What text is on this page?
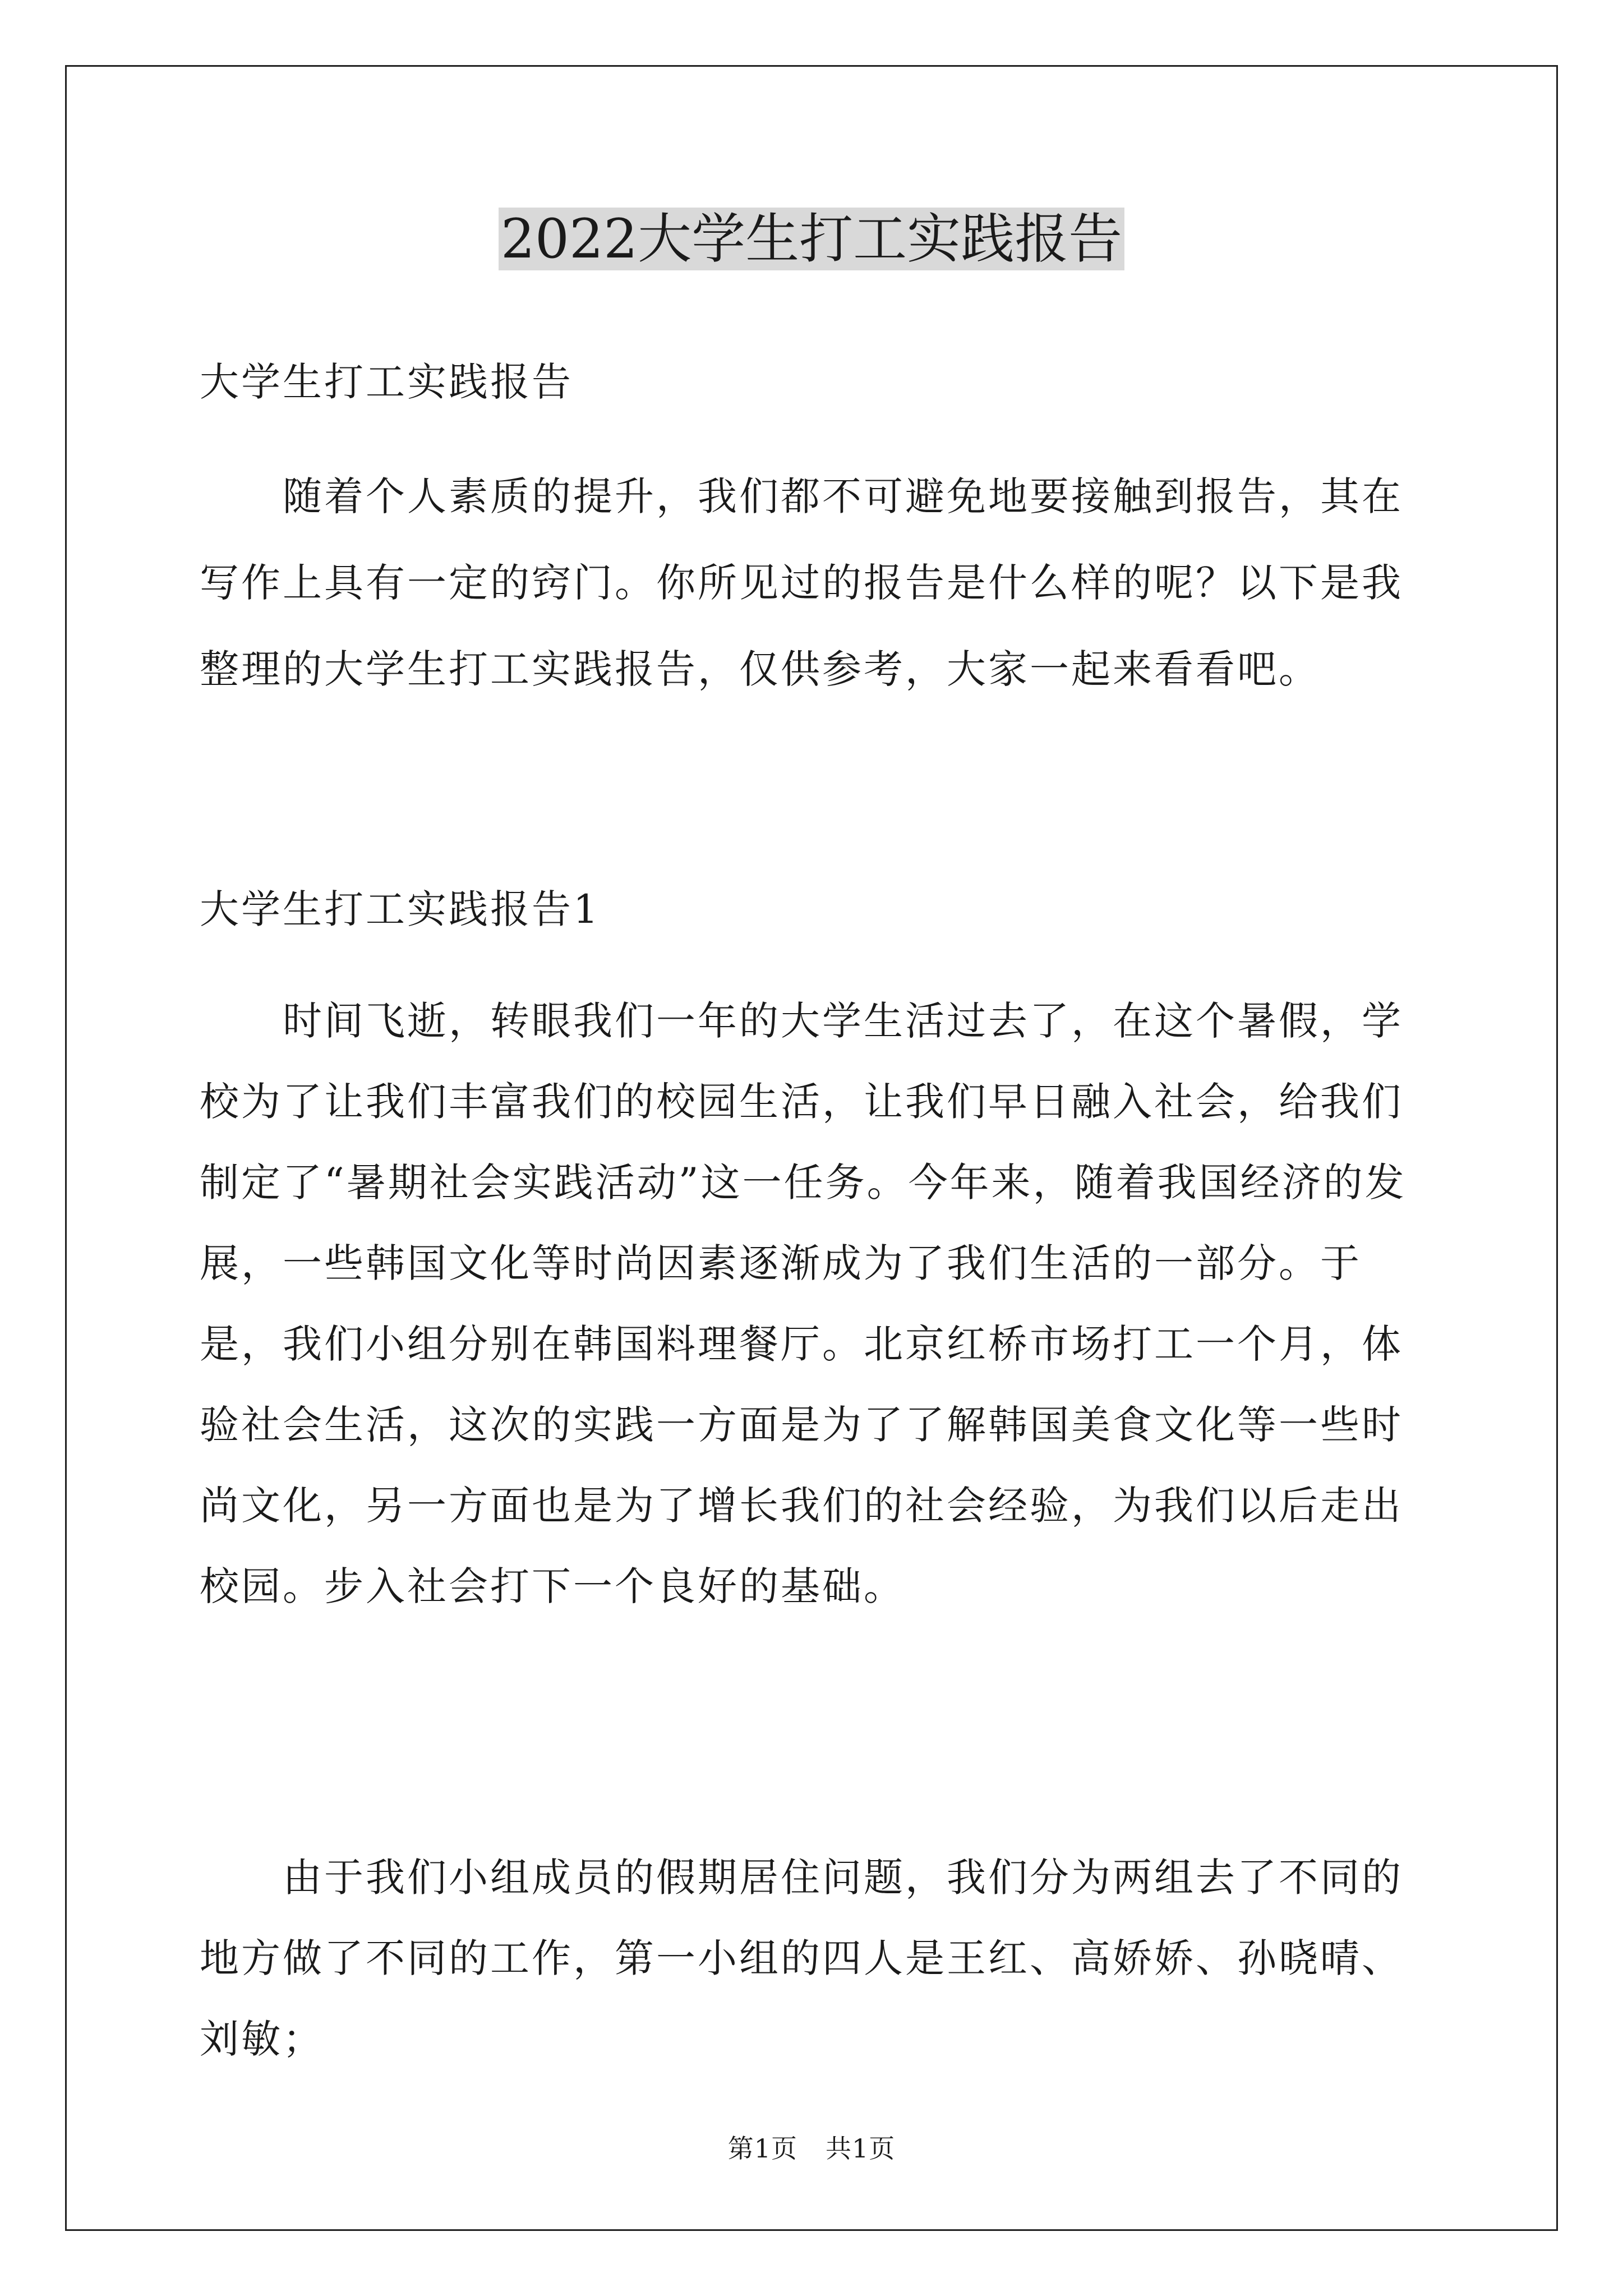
2022大学生打工实践报告

大学生打工实践报告

随着个人素质的提升，我们都不可避免地要接触到报告，其在写作上具有一定的窍门。你所见过的报告是什么样的呢？以下是我整理的大学生打工实践报告，仅供参考，大家一起来看看吧。

大学生打工实践报告1

时间飞逝，转眼我们一年的大学生活过去了，在这个暑假，学校为了让我们丰富我们的校园生活，让我们早日融入社会，给我们制定了“暑期社会实践活动”这一任务。今年来，随着我国经济的发展，一些韩国文化等时尚因素逐渐成为了我们生活的一部分。于是，我们小组分别在韩国料理餐厅。北京红桥市场打工一个月，体验社会生活，这次的实践一方面是为了了解韩国美食文化等一些时尚文化，另一方面也是为了增长我们的社会经验，为我们以后走出校园。步入社会打下一个良好的基础。

由于我们小组成员的假期居住问题，我们分为两组去了不同的地方做了不同的工作，第一小组的四人是王红、高娇娇、孙晓晴、刘敏；

第1页 共1页
